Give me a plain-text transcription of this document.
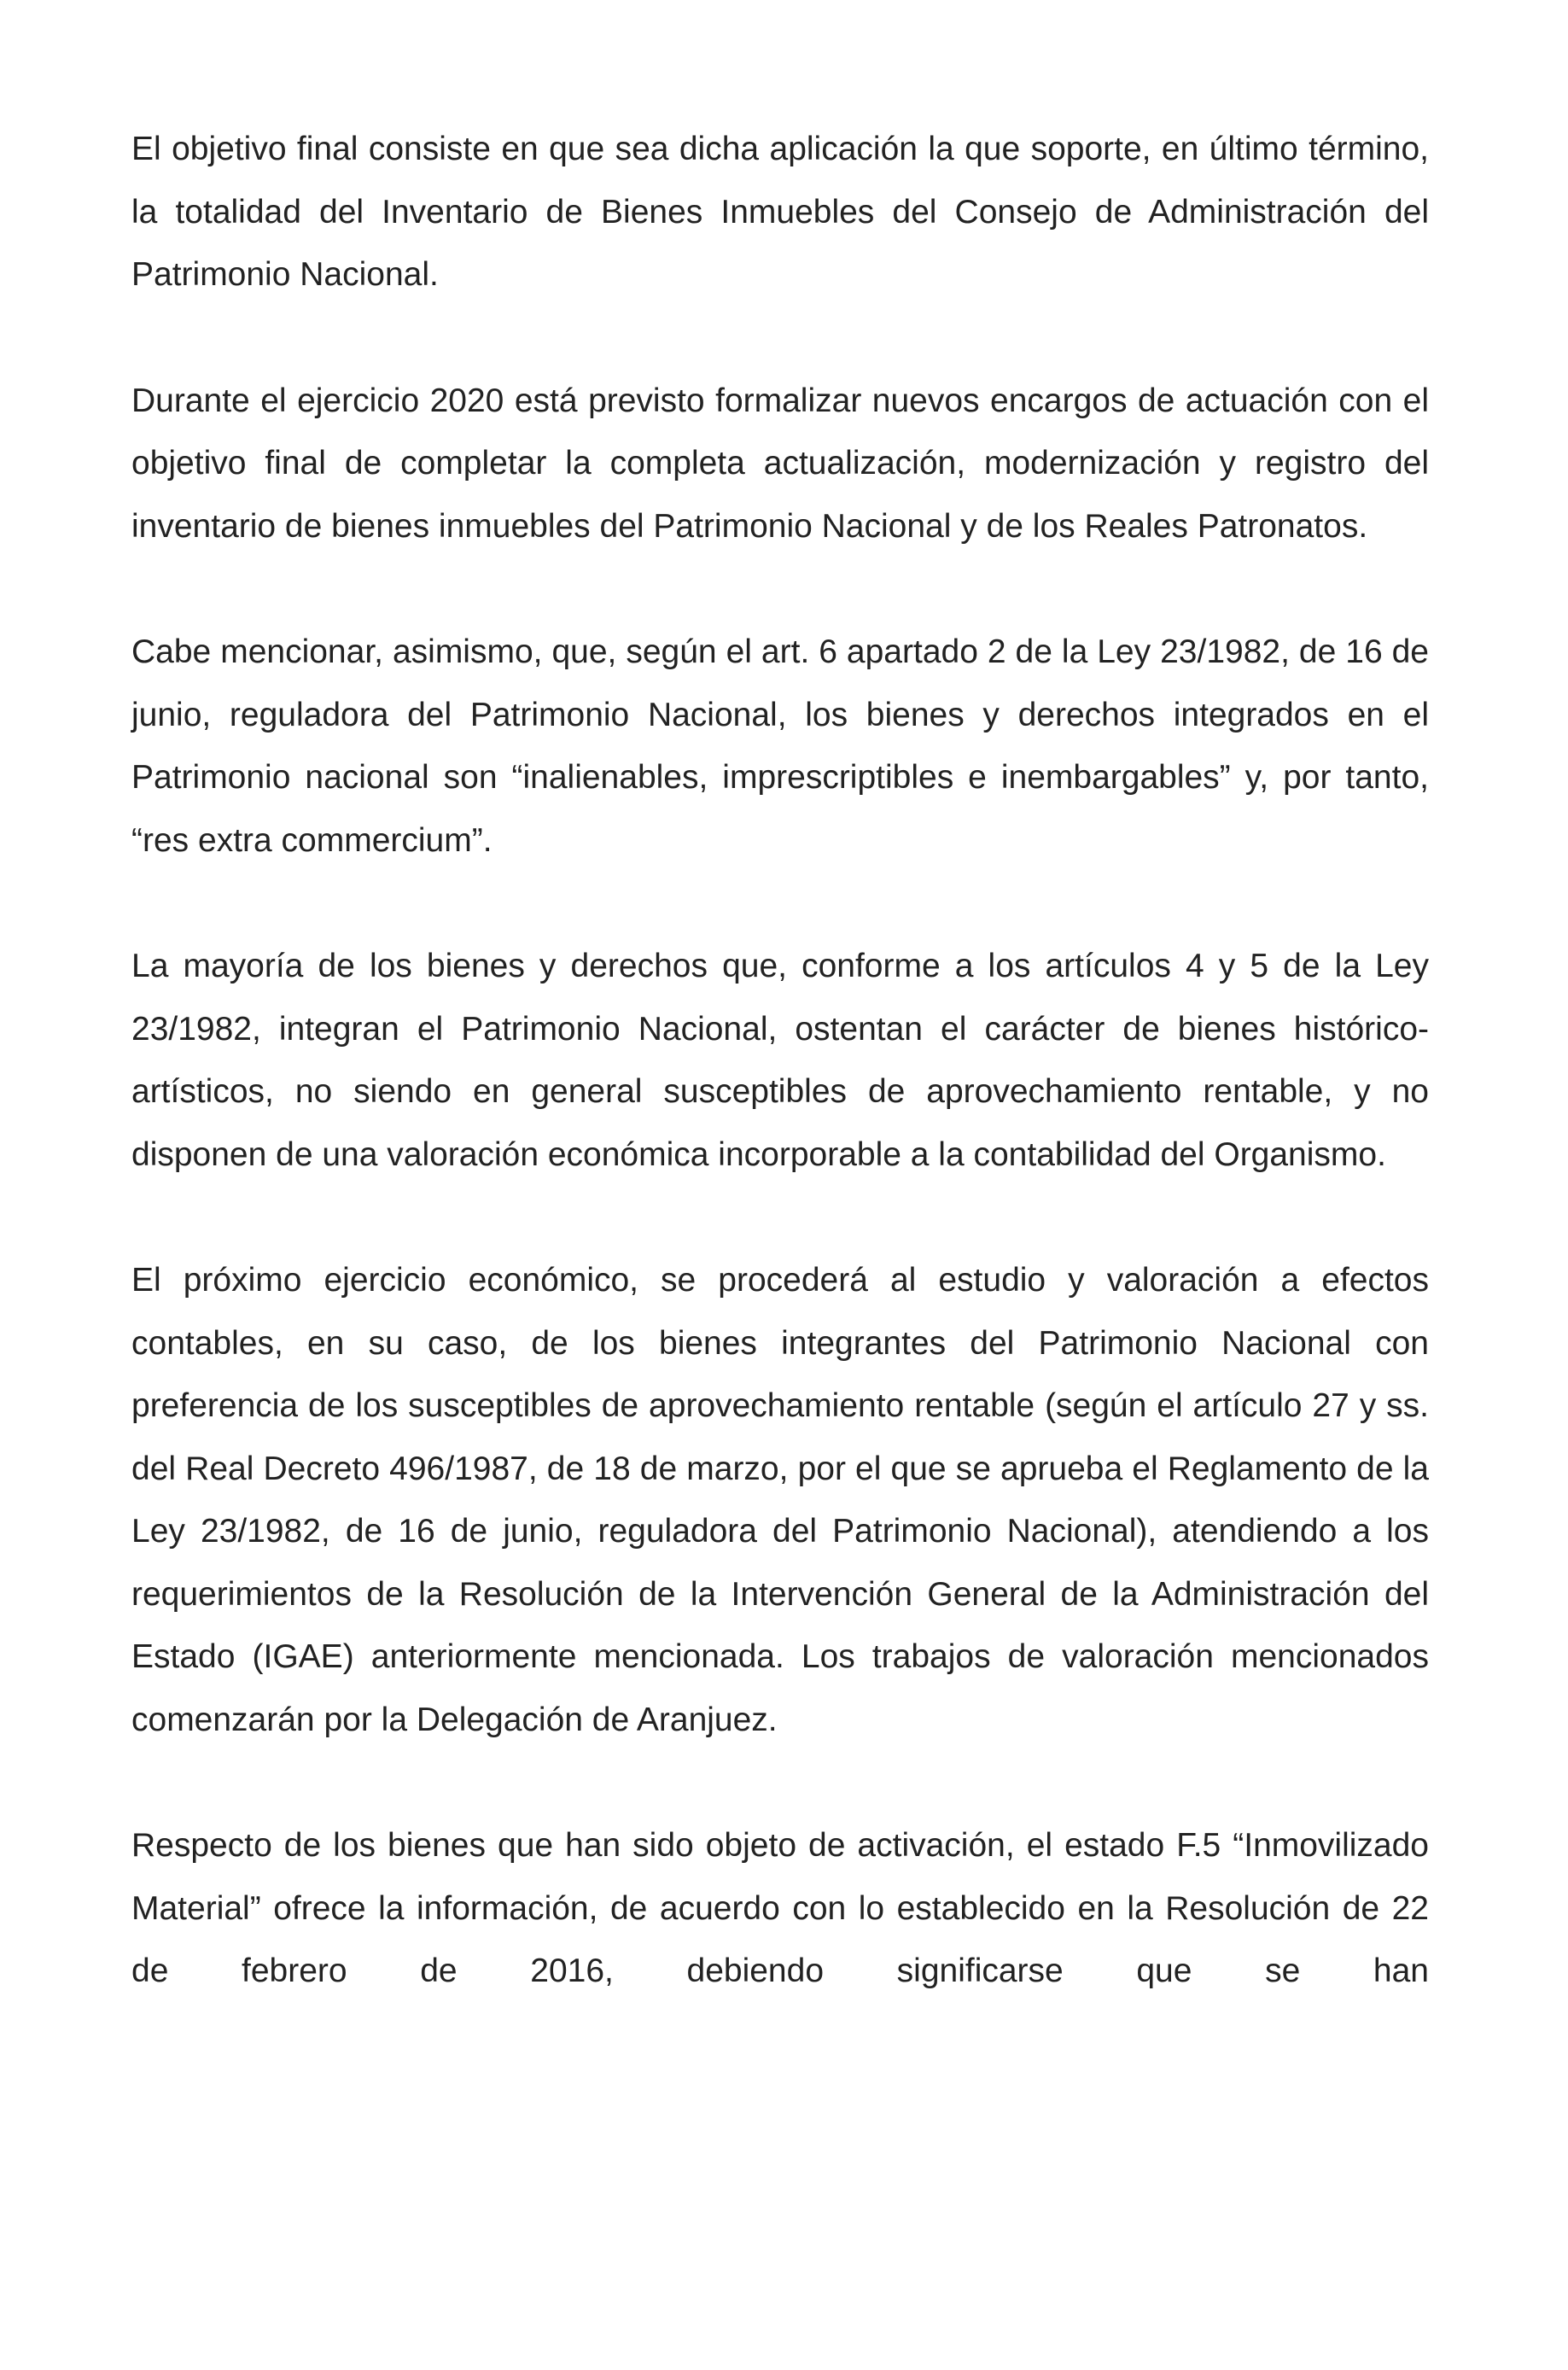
El objetivo final consiste en que sea dicha aplicación la que soporte, en último término, la totalidad del Inventario de Bienes Inmuebles del Consejo de Administración del Patrimonio Nacional.

Durante el ejercicio 2020 está previsto formalizar nuevos encargos de actuación con el objetivo final de completar la completa actualización, modernización y registro del inventario de bienes inmuebles del Patrimonio Nacional y de los Reales Patronatos.

Cabe mencionar, asimismo, que, según el art. 6 apartado 2 de la Ley 23/1982, de 16 de junio, reguladora del Patrimonio Nacional, los bienes y derechos integrados en el Patrimonio nacional son “inalienables, imprescriptibles e inembargables” y, por tanto, “res extra commercium”.

La mayoría de los bienes y derechos que, conforme a los artículos 4 y 5 de la Ley 23/1982, integran el Patrimonio Nacional, ostentan el carácter de bienes histórico-artísticos, no siendo en general susceptibles de aprovechamiento rentable, y no disponen de una valoración económica incorporable a la contabilidad del Organismo.

El próximo ejercicio económico, se procederá al estudio y valoración a efectos contables, en su caso, de los bienes integrantes del Patrimonio Nacional con preferencia de los susceptibles de aprovechamiento rentable (según el artículo 27 y ss. del Real Decreto 496/1987, de 18 de marzo, por el que se aprueba el Reglamento de la Ley 23/1982, de 16 de junio, reguladora del Patrimonio Nacional), atendiendo a los requerimientos de la Resolución de la Intervención General de la Administración del Estado (IGAE) anteriormente mencionada. Los trabajos de valoración mencionados comenzarán por la Delegación de Aranjuez.

Respecto de los bienes que han sido objeto de activación, el estado F.5 “Inmovilizado Material” ofrece la información, de acuerdo con lo establecido en la Resolución de 22 de febrero de 2016, debiendo significarse que se han
